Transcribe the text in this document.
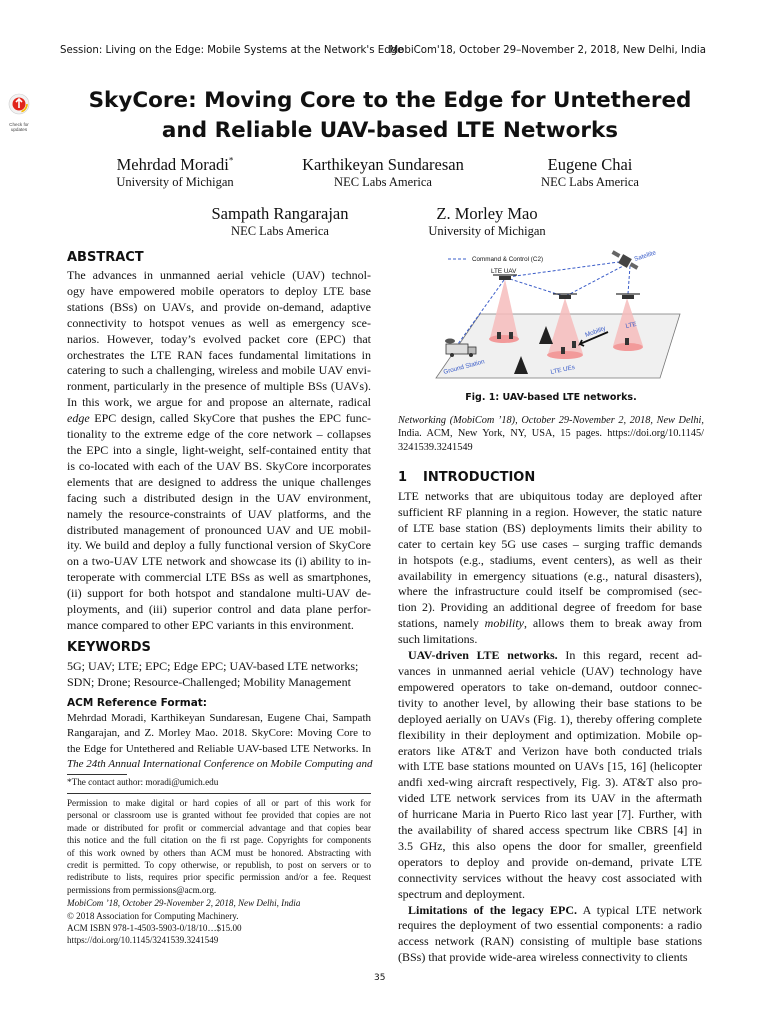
Session: Living on the Edge: Mobile Systems at the Network's Edge
MobiCom'18, October 29–November 2, 2018, New Delhi, India
Check for
updates
SkyCore: Moving Core to the Edge for Untethered
and Reliable UAV-based LTE Networks
Mehrdad Moradi*
University of Michigan
Karthikeyan Sundaresan
NEC Labs America
Eugene Chai
NEC Labs America
Sampath Rangarajan
NEC Labs America
Z. Morley Mao
University of Michigan
ABSTRACT
The advances in unmanned aerial vehicle (UAV) technol-
ogy have empowered mobile operators to deploy LTE base
stations (BSs) on UAVs, and provide on-demand, adaptive
connectivity to hotspot venues as well as emergency sce-
narios. However, today’s evolved packet core (EPC) that
orchestrates the LTE RAN faces fundamental limitations in
catering to such a challenging, wireless and mobile UAV envi-
ronment, particularly in the presence of multiple BSs (UAVs).
In this work, we argue for and propose an alternate, radical
edge EPC design, called SkyCore that pushes the EPC func-
tionality to the extreme edge of the core network – collapses
the EPC into a single, light-weight, self-contained entity that
is co-located with each of the UAV BS. SkyCore incorporates
elements that are designed to address the unique challenges
facing such a distributed design in the UAV environment,
namely the resource-constraints of UAV platforms, and the
distributed management of pronounced UAV and UE mobil-
ity. We build and deploy a fully functional version of SkyCore
on a two-UAV LTE network and showcase its (i) ability to in-
teroperate with commercial LTE BSs as well as smartphones,
(ii) support for both hotspot and standalone multi-UAV de-
ployments, and (iii) superior control and data plane perfor-
mance compared to other EPC variants in this environment.
KEYWORDS
5G; UAV; LTE; EPC; Edge EPC; UAV-based LTE networks;
SDN; Drone; Resource-Challenged; Mobility Management
ACM Reference Format:
Mehrdad Moradi, Karthikeyan Sundaresan, Eugene Chai, Sampath
Rangarajan, and Z. Morley Mao. 2018. SkyCore: Moving Core to
the Edge for Untethered and Reliable UAV-based LTE Networks. In
The 24th Annual International Conference on Mobile Computing and
*The contact author: moradi@umich.edu
Permission to make digital or hard copies of all or part of this work for
personal or classroom use is granted without fee provided that copies are not
made or distributed for profit or commercial advantage and that copies bear
this notice and the full citation on the fi rst page. Copyrights for components
of this work owned by others than ACM must be honored. Abstracting with
credit is permitted. To copy otherwise, or republish, to post on servers or to
redistribute to lists, requires prior specific permission and/or a fee. Request
permissions from permissions@acm.org.
MobiCom ’18, October 29-November 2, 2018, New Delhi, India
© 2018 Association for Computing Machinery.
ACM ISBN 978-1-4503-5903-0/18/10…$15.00
https://doi.org/10.1145/3241539.3241549
Command & Control (C2)	Satellite
LTE UAV
Mobility	LTE
Ground Station	LTE UEs
Fig. 1: UAV-based LTE networks.
Networking (MobiCom ’18), October 29-November 2, 2018, New Delhi,
India. ACM, New York, NY, USA, 15 pages. https://doi.org/10.1145/
3241539.3241549
1 INTRODUCTION
LTE networks that are ubiquitous today are deployed after
sufficient RF planning in a region. However, the static nature
of LTE base station (BS) deployments limits their ability to
cater to certain key 5G use cases – surging traffic demands
in hotspots (e.g., stadiums, event centers), as well as their
availability in emergency situations (e.g., natural disasters),
where the infrastructure could itself be compromised (sec-
tion 2). Providing an additional degree of freedom for base
stations, namely mobility, allows them to break away from
such limitations.
UAV-driven LTE networks. In this regard, recent ad-
vances in unmanned aerial vehicle (UAV) technology have
empowered operators to take on-demand, outdoor connec-
tivity to another level, by allowing their base stations to be
deployed aerially on UAVs (Fig. 1), thereby offering complete
flexibility in their deployment and optimization. Mobile op-
erators like AT&T and Verizon have both conducted trials
with LTE base stations mounted on UAVs [15, 16] (helicopter
andfi xed-wing aircraft respectively, Fig. 3). AT&T also pro-
vided LTE network services from its UAV in the aftermath
of hurricane Maria in Puerto Rico last year [7]. Further, with
the availability of shared access spectrum like CBRS [4] in
3.5 GHz, this also opens the door for smaller, greenfield
operators to deploy and provide on-demand, private LTE
connectivity services without the heavy cost associated with
spectrum and deployment.
Limitations of the legacy EPC. A typical LTE network
requires the deployment of two essential components: a radio
access network (RAN) consisting of multiple base stations
(BSs) that provide wide-area wireless connectivity to clients
35
